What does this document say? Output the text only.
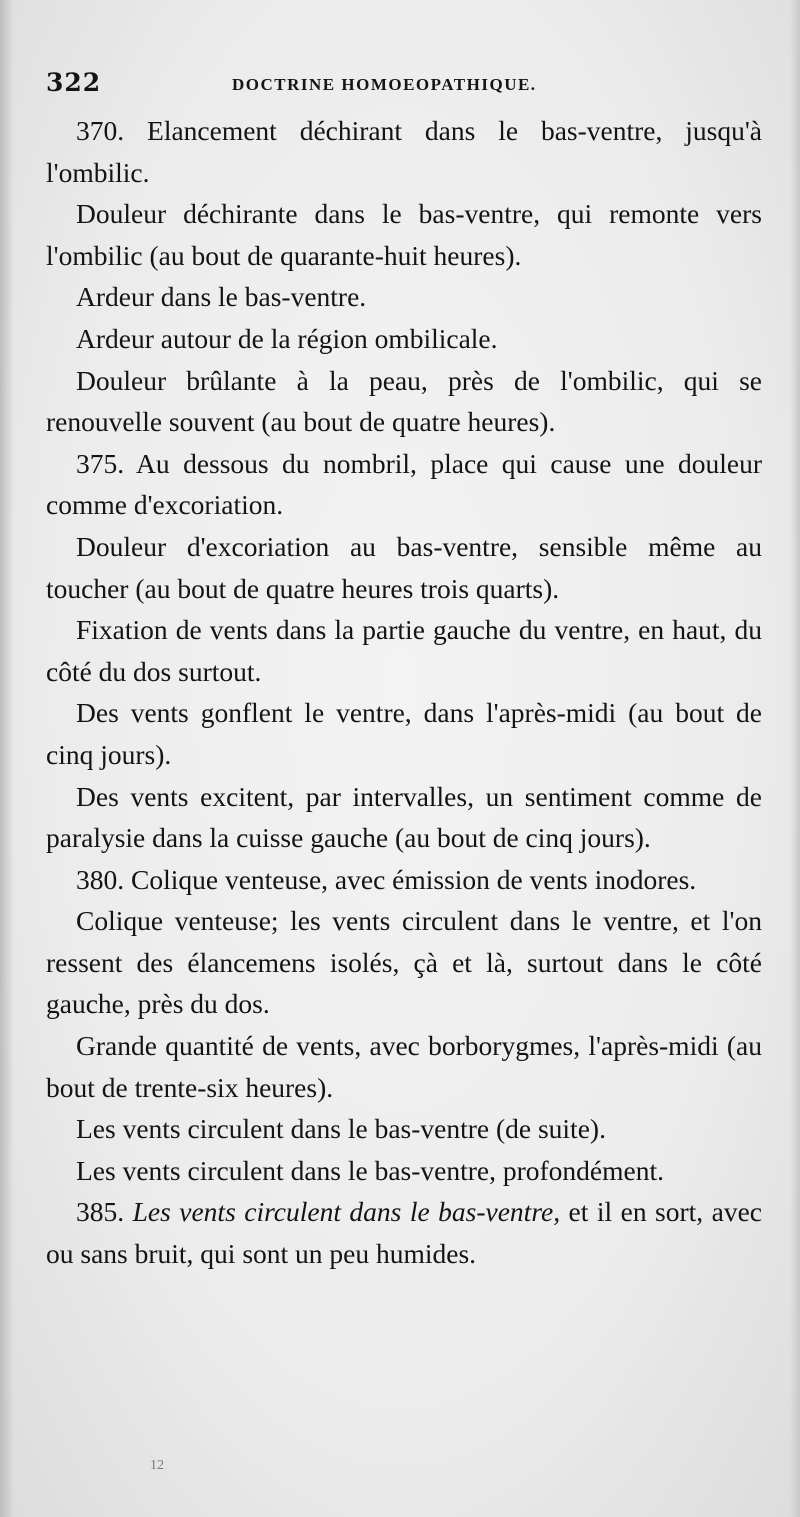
322	DOCTRINE HOMOEOPATHIQUE.

370. Elancement déchirant dans le bas-ventre, jusqu'à l'ombilic.

Douleur déchirante dans le bas-ventre, qui remonte vers l'ombilic (au bout de quarante-huit heures).

Ardeur dans le bas-ventre.

Ardeur autour de la région ombilicale.

Douleur brûlante à la peau, près de l'ombilic, qui se renouvelle souvent (au bout de quatre heures).

375. Au dessous du nombril, place qui cause une douleur comme d'excoriation.

Douleur d'excoriation au bas-ventre, sensible même au toucher (au bout de quatre heures trois quarts).

Fixation de vents dans la partie gauche du ventre, en haut, du côté du dos surtout.

Des vents gonflent le ventre, dans l'après-midi (au bout de cinq jours).

Des vents excitent, par intervalles, un sentiment comme de paralysie dans la cuisse gauche (au bout de cinq jours).

380. Colique venteuse, avec émission de vents inodores.

Colique venteuse; les vents circulent dans le ventre, et l'on ressent des élancemens isolés, çà et là, surtout dans le côté gauche, près du dos.

Grande quantité de vents, avec borborygmes, l'après-midi (au bout de trente-six heures).

Les vents circulent dans le bas-ventre (de suite).

Les vents circulent dans le bas-ventre, profondément.

385. Les vents circulent dans le bas-ventre, et il en sort, avec ou sans bruit, qui sont un peu humides.

12
